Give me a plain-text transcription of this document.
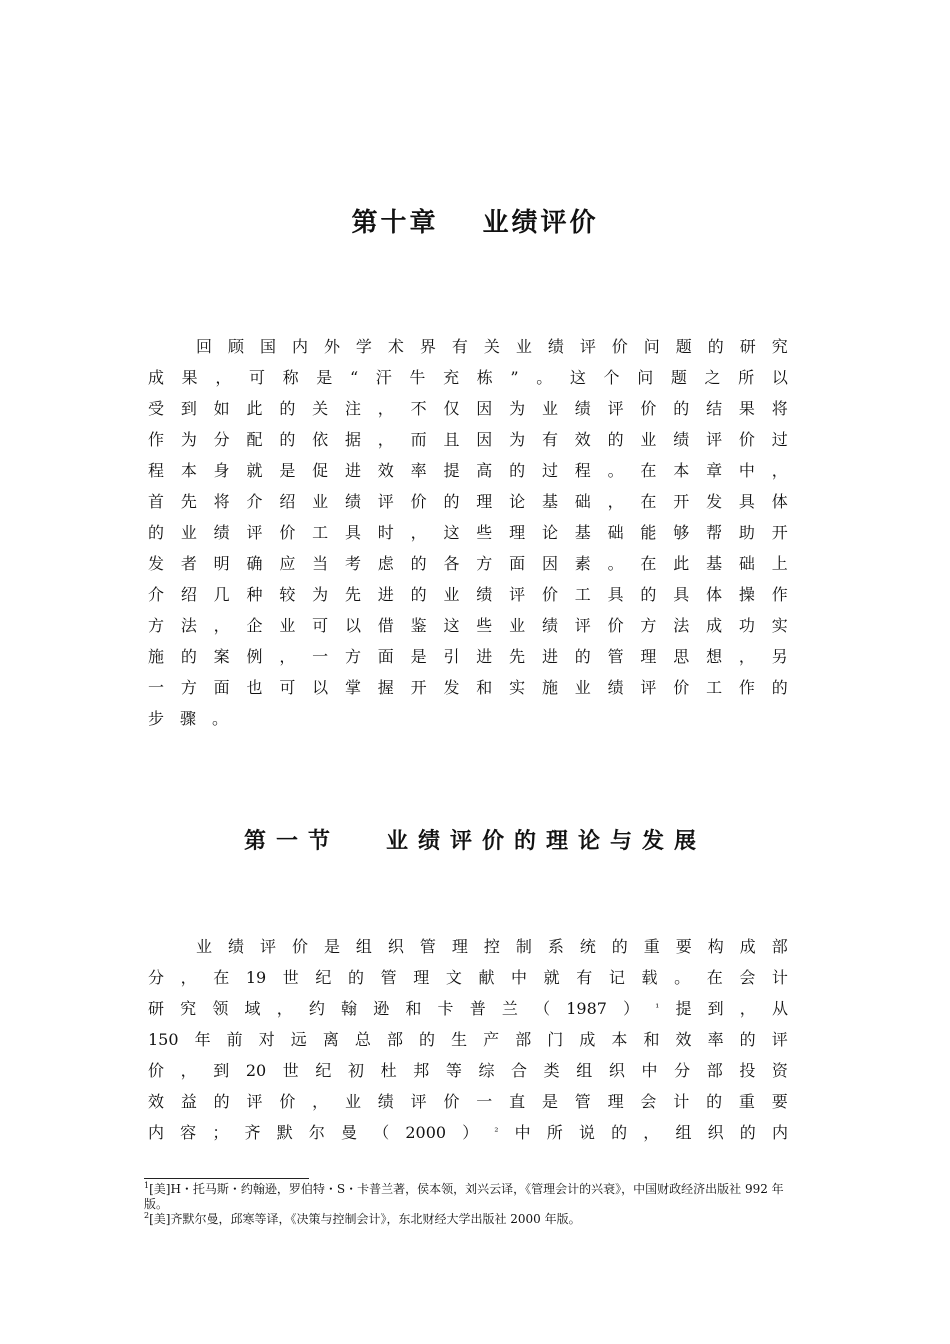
第十章 业绩评价
回 顾 国 内 外 学 术 界 有 关 业 绩 评 价 问 题 的 研 究
成 果 ， 可 称 是 “ 汗 牛 充 栋 ” 。 这 个 问 题 之 所 以
受 到 如 此 的 关 注 ， 不 仅 因 为 业 绩 评 价 的 结 果 将
作 为 分 配 的 依 据 ， 而 且 因 为 有 效 的 业 绩 评 价 过
程 本 身 就 是 促 进 效 率 提 高 的 过 程 。 在 本 章 中 ，
首 先 将 介 绍 业 绩 评 价 的 理 论 基 础 ， 在 开 发 具 体
的 业 绩 评 价 工 具 时 ， 这 些 理 论 基 础 能 够 帮 助 开
发 者 明 确 应 当 考 虑 的 各 方 面 因 素 。 在 此 基 础 上
介 绍 几 种 较 为 先 进 的 业 绩 评 价 工 具 的 具 体 操 作
方 法 ， 企 业 可 以 借 鉴 这 些 业 绩 评 价 方 法 成 功 实
施 的 案 例 ， 一 方 面 是 引 进 先 进 的 管 理 思 想 ， 另
一 方 面 也 可 以 掌 握 开 发 和 实 施 业 绩 评 价 工 作 的
步 骤 。
第一节 业绩评价的理论与发展
业 绩 评 价 是 组 织 管 理 控 制 系 统 的 重 要 构 成 部
分 ， 在 19 世 纪 的 管 理 文 献 中 就 有 记 载 。 在 会 计
研 究 领 域 ， 约 翰 逊 和 卡 普 兰 （ 1987 ） ¹ 提 到 ， 从
150 年 前 对 远 离 总 部 的 生 产 部 门 成 本 和 效 率 的 评
价 ， 到 20 世 纪 初 杜 邦 等 综 合 类 组 织 中 分 部 投 资
效 益 的 评 价 ， 业 绩 评 价 一 直 是 管 理 会 计 的 重 要
内 容 ； 齐 默 尔 曼 （ 2000 ） ² 中 所 说 的 ， 组 织 的 内

$^1$[美]H・托马斯・约翰逊，罗伯特・S・卡普兰著，侯本领，刘兴云译，《管理会计的兴衰》，中国财政经济出版社 992 年版。

$^2$[美]齐默尔曼，邱寒等译，《决策与控制会计》，东北财经大学出版社 2000 年版。
